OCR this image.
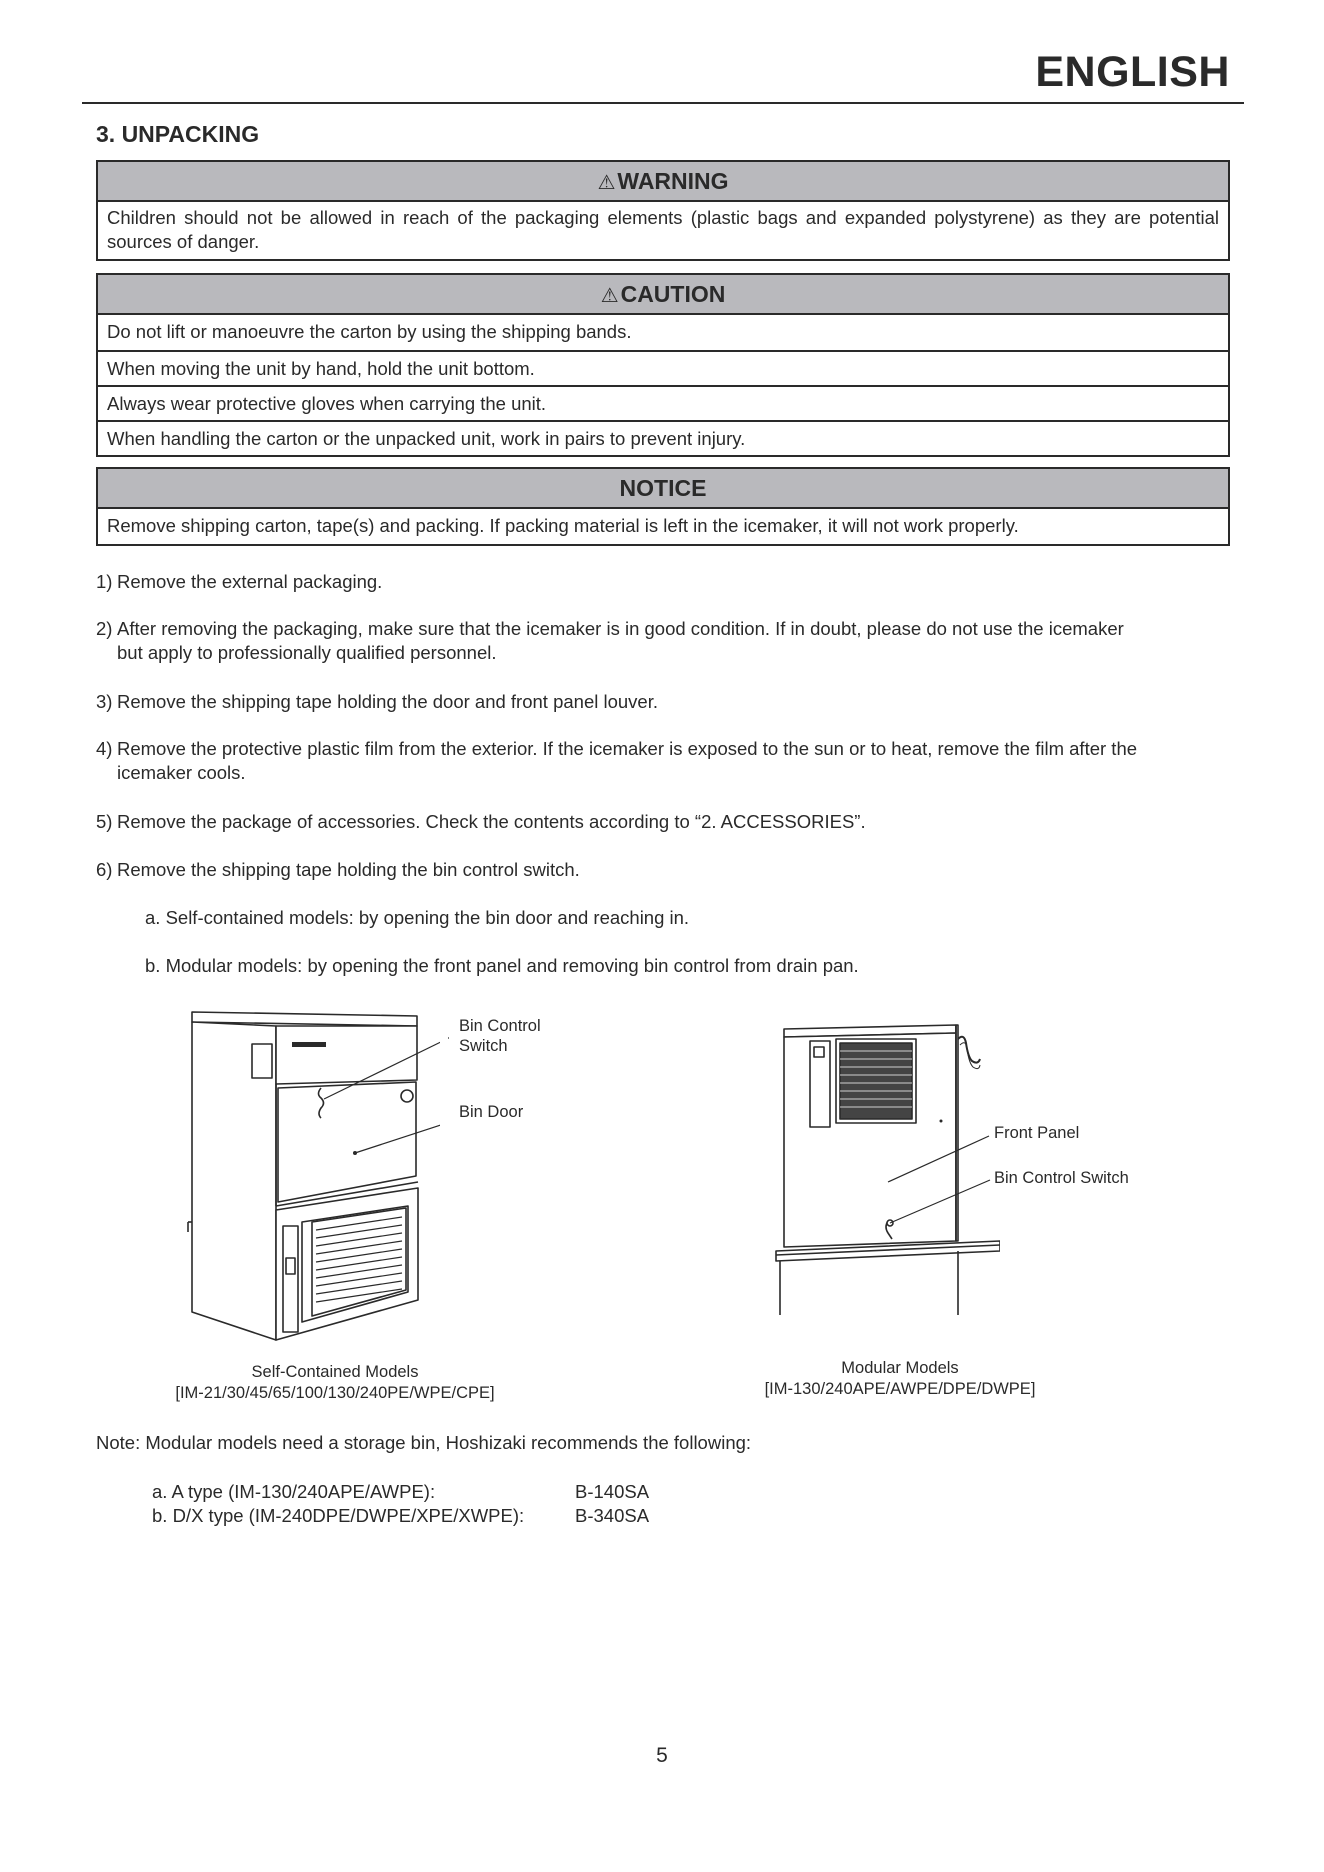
ENGLISH
3. UNPACKING
⚠WARNING
Children should not be allowed in reach of the packaging elements (plastic bags and expanded polystyrene) as they are potential sources of danger.
⚠CAUTION
Do not lift or manoeuvre the carton by using the shipping bands.
When moving the unit by hand, hold the unit bottom.
Always wear protective gloves when carrying the unit.
When handling the carton or the unpacked unit, work in pairs to prevent injury.
NOTICE
Remove shipping carton, tape(s) and packing. If packing material is left in the icemaker, it will not work properly.
1) Remove the external packaging.
2) After removing the packaging, make sure that the icemaker is in good condition. If in doubt, please do not use the icemaker
but apply to professionally qualified personnel.
3) Remove the shipping tape holding the door and front panel louver.
4) Remove the protective plastic film from the exterior. If the icemaker is exposed to the sun or to heat, remove the film after the
icemaker cools.
5) Remove the package of accessories. Check the contents according to “2. ACCESSORIES”.
6) Remove the shipping tape holding the bin control switch.
a. Self-contained models: by opening the bin door and reaching in.
b. Modular models: by opening the front panel and removing bin control from drain pan.
Bin Control
Switch
Bin Door
Self-Contained Models
[IM-21/30/45/65/100/130/240PE/WPE/CPE]
Front Panel
Bin Control Switch
Modular Models
[IM-130/240APE/AWPE/DPE/DWPE]
Note: Modular models need a storage bin, Hoshizaki recommends the following:
a. A type (IM-130/240APE/AWPE):	B-140SA
b. D/X type (IM-240DPE/DWPE/XPE/XWPE):	B-340SA
5
